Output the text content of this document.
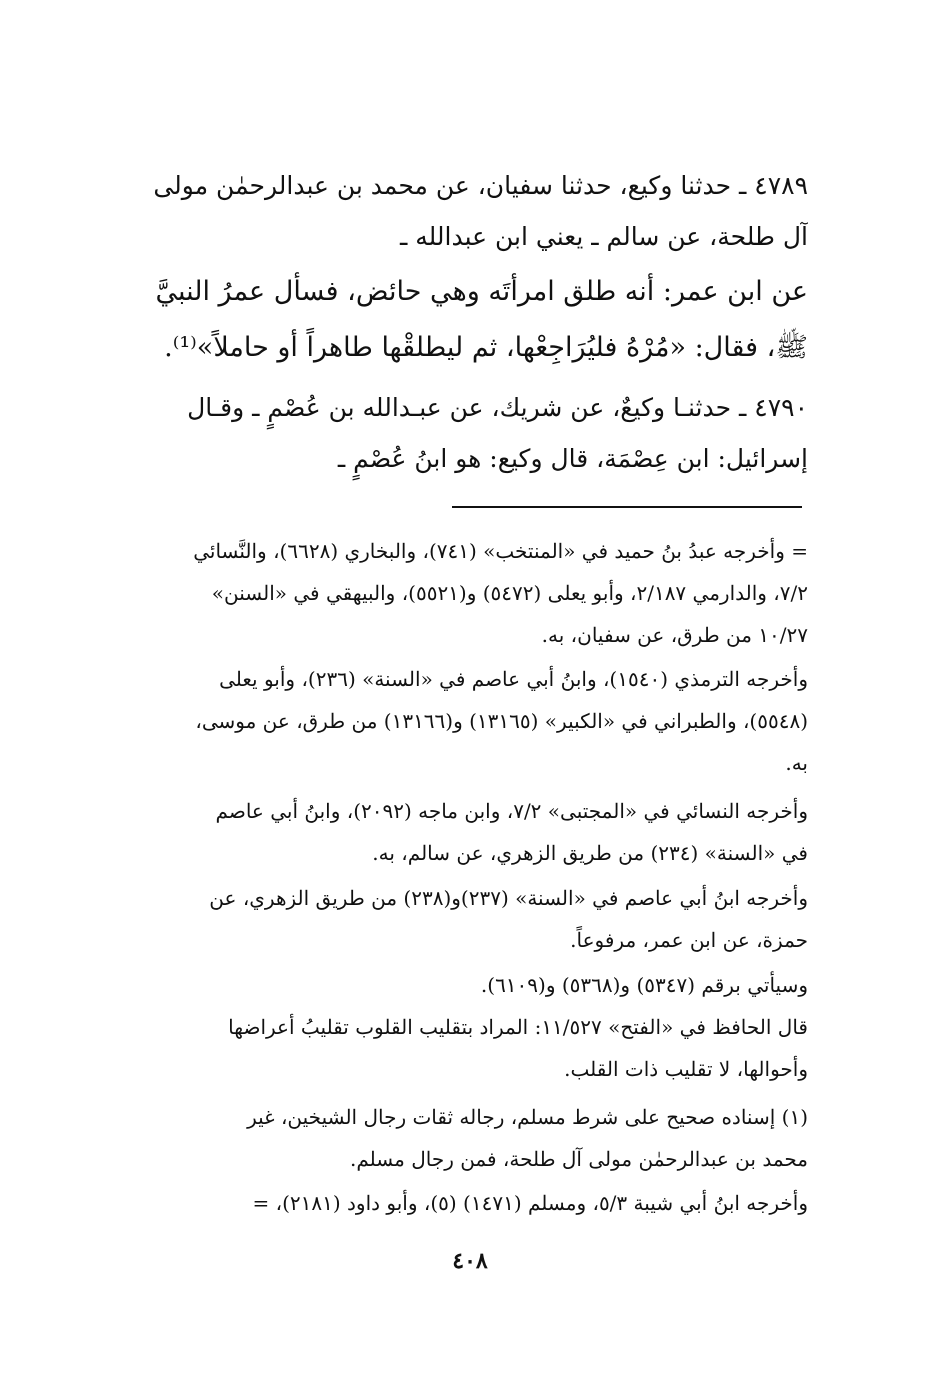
٤٧٨٩ ـ حدثنا وكيع، حدثنا سفيان، عن محمد بن عبدالرحمٰن مولى
آل طلحة، عن سالم ـ يعني ابن عبدالله ـ
عن ابن عمر: أنه طلق امرأتَه وهي حائض، فسأل عمرُ النبيَّ
ﷺ، فقال: «مُرْهُ فليُرَاجِعْها، ثم ليطلقْها طاهراً أو حاملاً»⁽¹⁾.
٤٧٩٠ ـ حدثنـا وكيعٌ، عن شريك، عن عبـدالله بن عُصْمٍ ـ وقـال
إسرائيل: ابن عِصْمَة، قال وكيع: هو ابنُ عُصْمٍ ـ
= وأخرجه عبدُ بنُ حميد في «المنتخب» (٧٤١)، والبخاري (٦٦٢٨)، والنَّسائي
٧/٢، والدارمي ٢/١٨٧، وأبو يعلى (٥٤٧٢) و(٥٥٢١)، والبيهقي في «السنن»
١٠/٢٧ من طرق، عن سفيان، به.
وأخرجه الترمذي (١٥٤٠)، وابنُ أبي عاصم في «السنة» (٢٣٦)، وأبو يعلى
(٥٥٤٨)، والطبراني في «الكبير» (١٣١٦٥) و(١٣١٦٦) من طرق، عن موسى،
به.
وأخرجه النسائي في «المجتبى» ٧/٢، وابن ماجه (٢٠٩٢)، وابنُ أبي عاصم
في «السنة» (٢٣٤) من طريق الزهري، عن سالم، به.
وأخرجه ابنُ أبي عاصم في «السنة» (٢٣٧)و(٢٣٨) من طريق الزهري، عن
حمزة، عن ابن عمر، مرفوعاً.
وسيأتي برقم (٥٣٤٧) و(٥٣٦٨) و(٦١٠٩).
قال الحافظ في «الفتح» ١١/٥٢٧: المراد بتقليب القلوب تقليبُ أعراضها
وأحوالها، لا تقليب ذات القلب.
(١) إسناده صحيح على شرط مسلم، رجاله ثقات رجال الشيخين، غير
محمد بن عبدالرحمٰن مولى آل طلحة، فمن رجال مسلم.
وأخرجه ابنُ أبي شيبة ٥/٣، ومسلم (١٤٧١) (٥)، وأبو داود (٢١٨١)، =
٤٠٨
